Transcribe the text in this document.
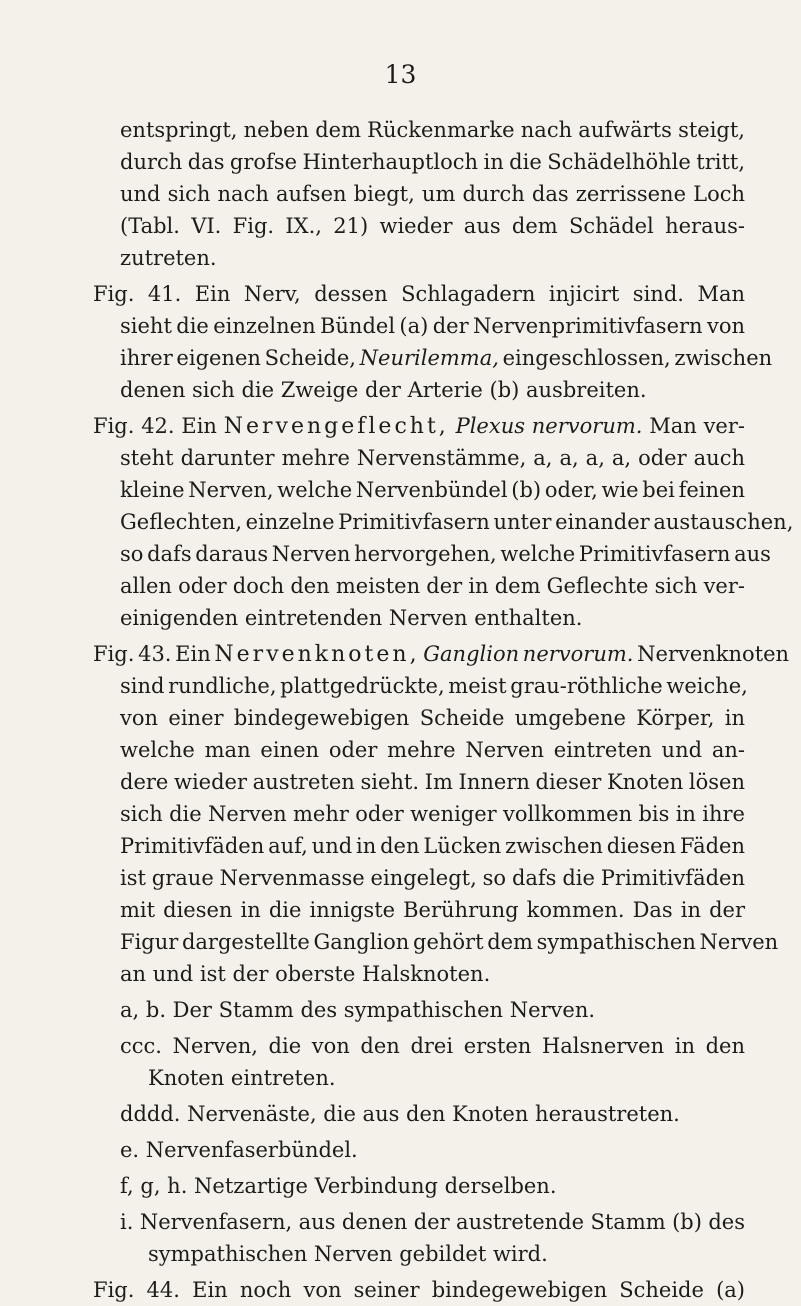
13
entspringt, neben dem Rückenmarke nach aufwärts steigt,
durch das grofse Hinterhauptloch in die Schädelhöhle tritt,
und sich nach aufsen biegt, um durch das zerrissene Loch
(Tabl. VI. Fig. IX., 21) wieder aus dem Schädel heraus-
zutreten.
Fig. 41. Ein Nerv, dessen Schlagadern injicirt sind. Man
sieht die einzelnen Bündel (a) der Nervenprimitivfasern von
ihrer eigenen Scheide, Neurilemma, eingeschlossen, zwischen
denen sich die Zweige der Arterie (b) ausbreiten.
Fig. 42. Ein Nervengeflecht, Plexus nervorum. Man ver-
steht darunter mehre Nervenstämme, a, a, a, a, oder auch
kleine Nerven, welche Nervenbündel (b) oder, wie bei feinen
Geflechten, einzelne Primitivfasern unter einander austauschen,
so dafs daraus Nerven hervorgehen, welche Primitivfasern aus
allen oder doch den meisten der in dem Geflechte sich ver-
einigenden eintretenden Nerven enthalten.
Fig. 43. Ein Nervenknoten, Ganglion nervorum. Nervenknoten
sind rundliche, plattgedrückte, meist grau-röthliche weiche,
von einer bindegewebigen Scheide umgebene Körper, in
welche man einen oder mehre Nerven eintreten und an-
dere wieder austreten sieht. Im Innern dieser Knoten lösen
sich die Nerven mehr oder weniger vollkommen bis in ihre
Primitivfäden auf, und in den Lücken zwischen diesen Fäden
ist graue Nervenmasse eingelegt, so dafs die Primitivfäden
mit diesen in die innigste Berührung kommen. Das in der
Figur dargestellte Ganglion gehört dem sympathischen Nerven
an und ist der oberste Halsknoten.
a, b. Der Stamm des sympathischen Nerven.
ccc. Nerven, die von den drei ersten Halsnerven in den
Knoten eintreten.
dddd. Nervenäste, die aus den Knoten heraustreten.
e. Nervenfaserbündel.
f, g, h. Netzartige Verbindung derselben.
i. Nervenfasern, aus denen der austretende Stamm (b) des
sympathischen Nerven gebildet wird.
Fig. 44. Ein noch von seiner bindegewebigen Scheide (a)
